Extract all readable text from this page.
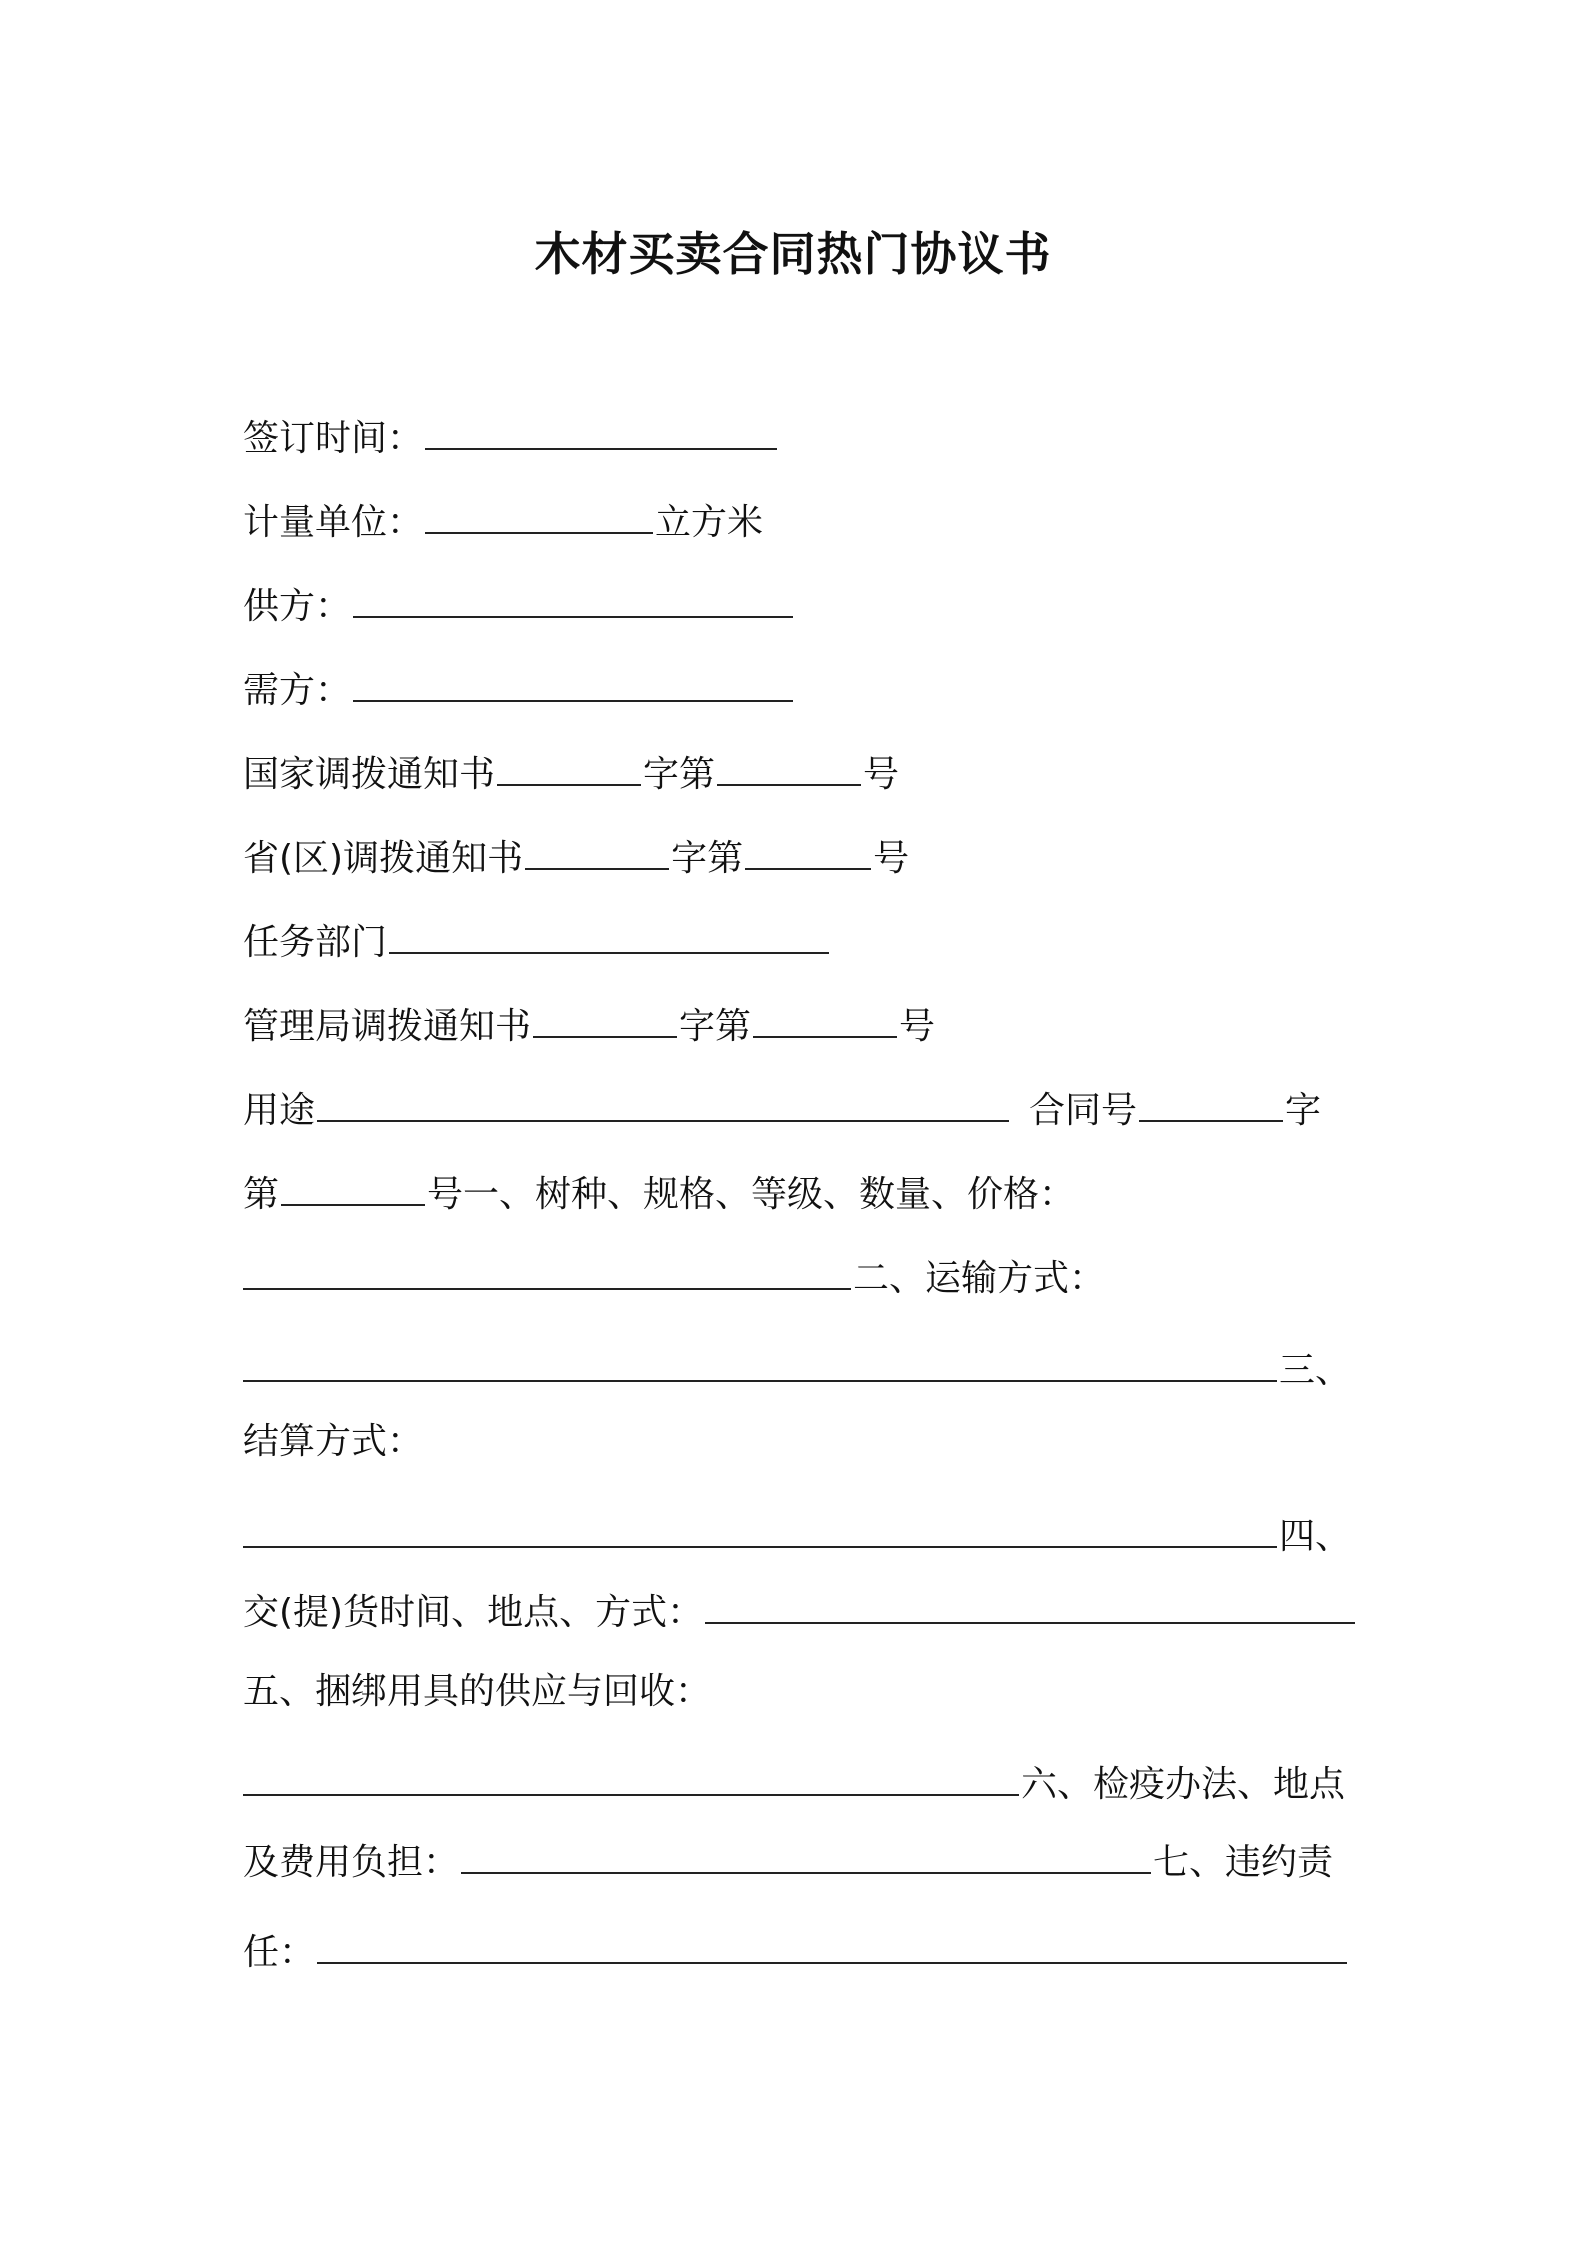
木材买卖合同热门协议书
签订时间：
计量单位：	立方米
供方：
需方：
国家调拨通知书	字第	号
省(区)调拨通知书	字第	号
任务部门
管理局调拨通知书	字第	号
用途	合同号	字
第	号一、树种、规格、等级、数量、价格：
二、运输方式：
三、
结算方式：
四、
交(提)货时间、地点、方式：
五、捆绑用具的供应与回收：
六、检疫办法、地点
及费用负担：	七、违约责
任：
